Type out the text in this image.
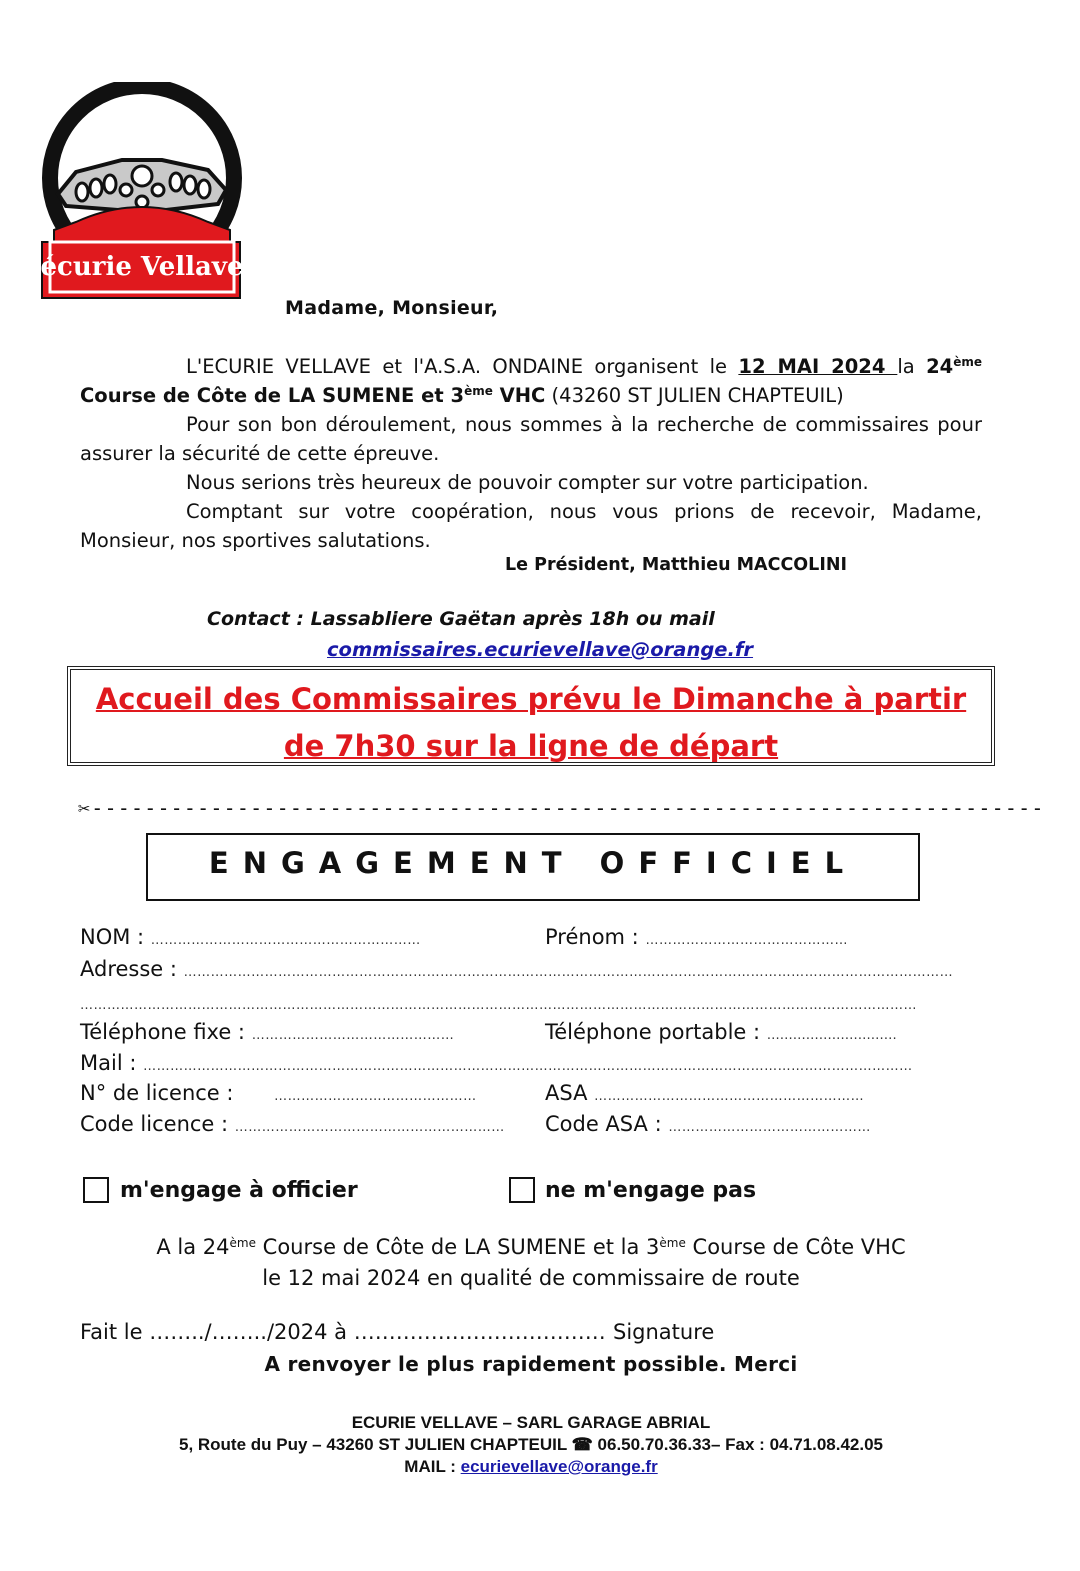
écurie Vellave
Madame, Monsieur,

L'ECURIE VELLAVE et l'A.S.A. ONDAINE organisent le 12 MAI 2024 la 24ème Course de Côte de LA SUMENE et 3ème VHC (43260 ST JULIEN CHAPTEUIL)

Pour son bon déroulement, nous sommes à la recherche de commissaires pour assurer la sécurité de cette épreuve.

Nous serions très heureux de pouvoir compter sur votre participation.

Comptant sur votre coopération, nous vous prions de recevoir, Madame, Monsieur, nos sportives salutations.

Le Président, Matthieu MACCOLINI
Contact : Lassabliere Gaëtan après 18h ou mail
commissaires.ecurievellave@orange.fr
Accueil des Commissaires prévu le Dimanche à partir
de 7h30 sur la ligne de départ
✂------------------------------------------------------------------------
ENGAGEMENT OFFICIEL
NOM : ……………………………………………………	Prénom : ………………………………………
Adresse : ………………………………………………………………………………………………………………………………………………………
……………………………………………………………………………………………………………………………………………………………………
Téléphone fixe : ………………………………………	Téléphone portable : …………………………
Mail : ………………………………………………………………………………………………………………………………………………………
N° de licence :	………………………………………	ASA ……………………………………………………
Code licence : …………………………………………………… Code ASA : ………………………………………
m'engage à officier	ne m'engage pas
A la 24ème Course de Côte de LA SUMENE et la 3ème Course de Côte VHC
le 12 mai 2024 en qualité de commissaire de route
Fait le ……../……../2024 à ……………………………… Signature
A renvoyer le plus rapidement possible. Merci
ECURIE VELLAVE – SARL GARAGE ABRIAL
5, Route du Puy – 43260 ST JULIEN CHAPTEUIL ☎ 06.50.70.36.33– Fax : 04.71.08.42.05
MAIL : ecurievellave@orange.fr
